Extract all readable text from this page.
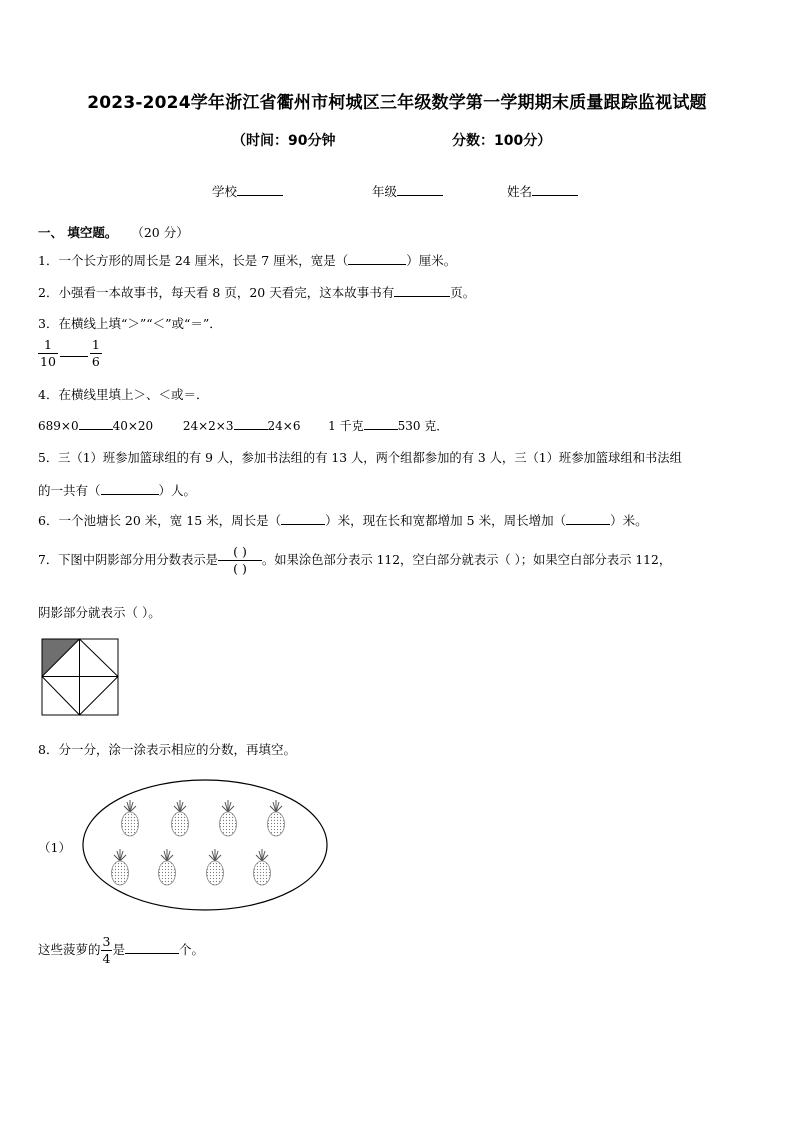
2023-2024学年浙江省衢州市柯城区三年级数学第一学期期末质量跟踪监视试题
（时间：90分钟	分数：100分）
学校	年级	姓名
一、 填空题。 （20 分）
1．一个长方形的周长是 24 厘米，长是 7 厘米，宽是（	）厘米。
2．小强看一本故事书，每天看 8 页，20 天看完，这本故事书有	页。
3．在横线上填“＞”“＜”或“＝”．
$\frac{1}{10}$	$\frac{1}{6}$
4．在横线里填上＞、＜或＝．
689×0	40×20 24×2×3	24×6 1 千克	530 克．
5．三（1）班参加篮球组的有 9 人，参加书法组的有 13 人，两个组都参加的有 3 人，三（1）班参加篮球组和书法组
的一共有（	）人。
6．一个池塘长 20 米，宽 15 米，周长是（	）米，现在长和宽都增加 5 米，周长增加（	）米。
7．下图中阴影部分用分数表示是 $\frac{( )}{( )}$ 。如果涂色部分表示 112，空白部分就表示（ ）；如果空白部分表示 112，
阴影部分就表示（ ）。
8．分一分，涂一涂表示相应的分数，再填空。
（1）
这些菠萝的 $\frac{3}{4}$ 是	个。
